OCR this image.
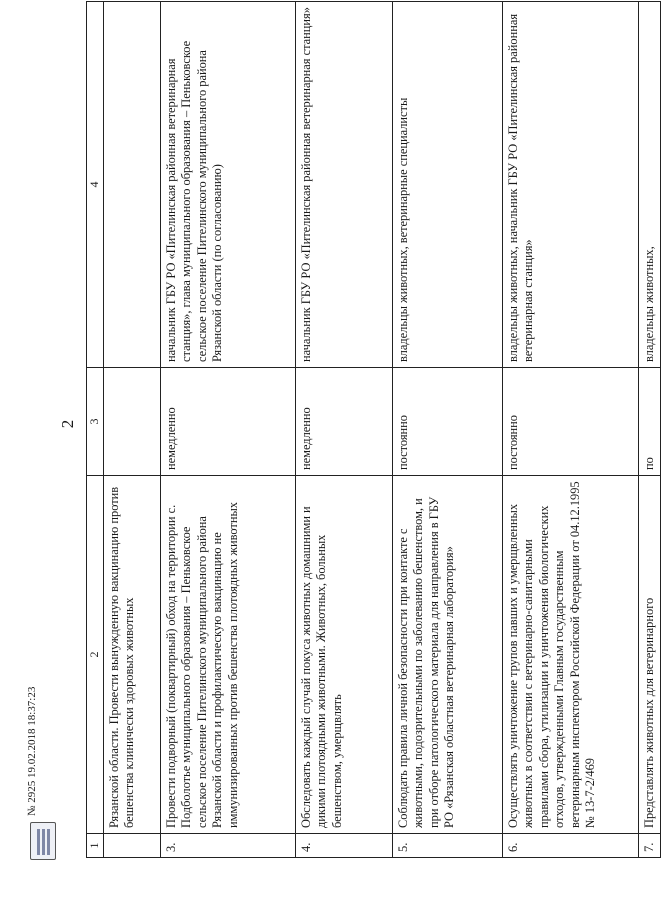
2
1	2	3	4
	Рязанской области. Провести вынужденную вакцинацию против бешенства клинически здоровых животных		
3.	Провести подворный (поквартирный) обход на территории с. Подболотье муниципального образования – Пеньковское сельское поселение Пителинского муниципального района Рязанской области и профилактическую вакцинацию не иммунизированных против бешенства плотоядных животных	немедленно	начальник ГБУ РО «Пителинская районная ветеринарная станция», глава муниципального образования – Пеньковское сельское поселение Пителинского муниципального района Рязанской области (по согласованию)
4.	Обследовать каждый случай покуса животных домашними и дикими плотоядными животными. Животных, больных бешенством, умерщвлять	немедленно	начальник ГБУ РО «Пителинская районная ветеринарная станция»
5.	Соблюдать правила личной безопасности при контакте с животными, подозрительными по заболеванию бешенством, и при отборе патологического материала для направления в ГБУ РО «Рязанская областная ветеринарная лаборатория»	постоянно	владельцы животных, ветеринарные специалисты
6.	Осуществлять уничтожение трупов павших и умерщвленных животных в соответствии с ветеринарно-санитарными правилами сбора, утилизации и уничтожения биологических отходов, утвержденными Главным государственным ветеринарным инспектором Российской Федерации от 04.12.1995 № 13-7-2/469	постоянно	владельцы животных, начальник ГБУ РО «Пителинская районная ветеринарная станция»
7.	Представлять животных для ветеринарного	по	владельцы животных,
№ 2925 19.02.2018 18:37:23
